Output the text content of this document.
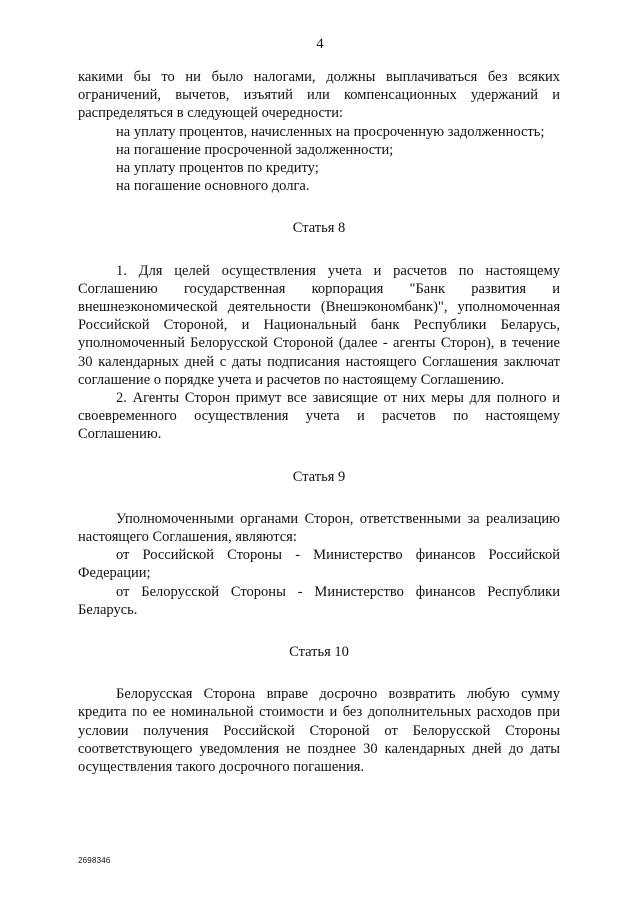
4

какими бы то ни было налогами, должны выплачиваться без всяких ограничений, вычетов, изъятий или компенсационных удержаний и распределяться в следующей очередности:

на уплату процентов, начисленных на просроченную задолженность;

на погашение просроченной задолженности;

на уплату процентов по кредиту;

на погашение основного долга.

Статья 8

1. Для целей осуществления учета и расчетов по настоящему Соглашению государственная корпорация "Банк развития и внешнеэкономической деятельности (Внешэкономбанк)", уполномоченная Российской Стороной, и Национальный банк Республики Беларусь, уполномоченный Белорусской Стороной (далее - агенты Сторон), в течение 30 календарных дней с даты подписания настоящего Соглашения заключат соглашение о порядке учета и расчетов по настоящему Соглашению.

2. Агенты Сторон примут все зависящие от них меры для полного и своевременного осуществления учета и расчетов по настоящему Соглашению.

Статья 9

Уполномоченными органами Сторон, ответственными за реализацию настоящего Соглашения, являются:

от Российской Стороны - Министерство финансов Российской Федерации;

от Белорусской Стороны - Министерство финансов Республики Беларусь.

Статья 10

Белорусская Сторона вправе досрочно возвратить любую сумму кредита по ее номинальной стоимости и без дополнительных расходов при условии получения Российской Стороной от Белорусской Стороны соответствующего уведомления не позднее 30 календарных дней до даты осуществления такого досрочного погашения.

2698346
